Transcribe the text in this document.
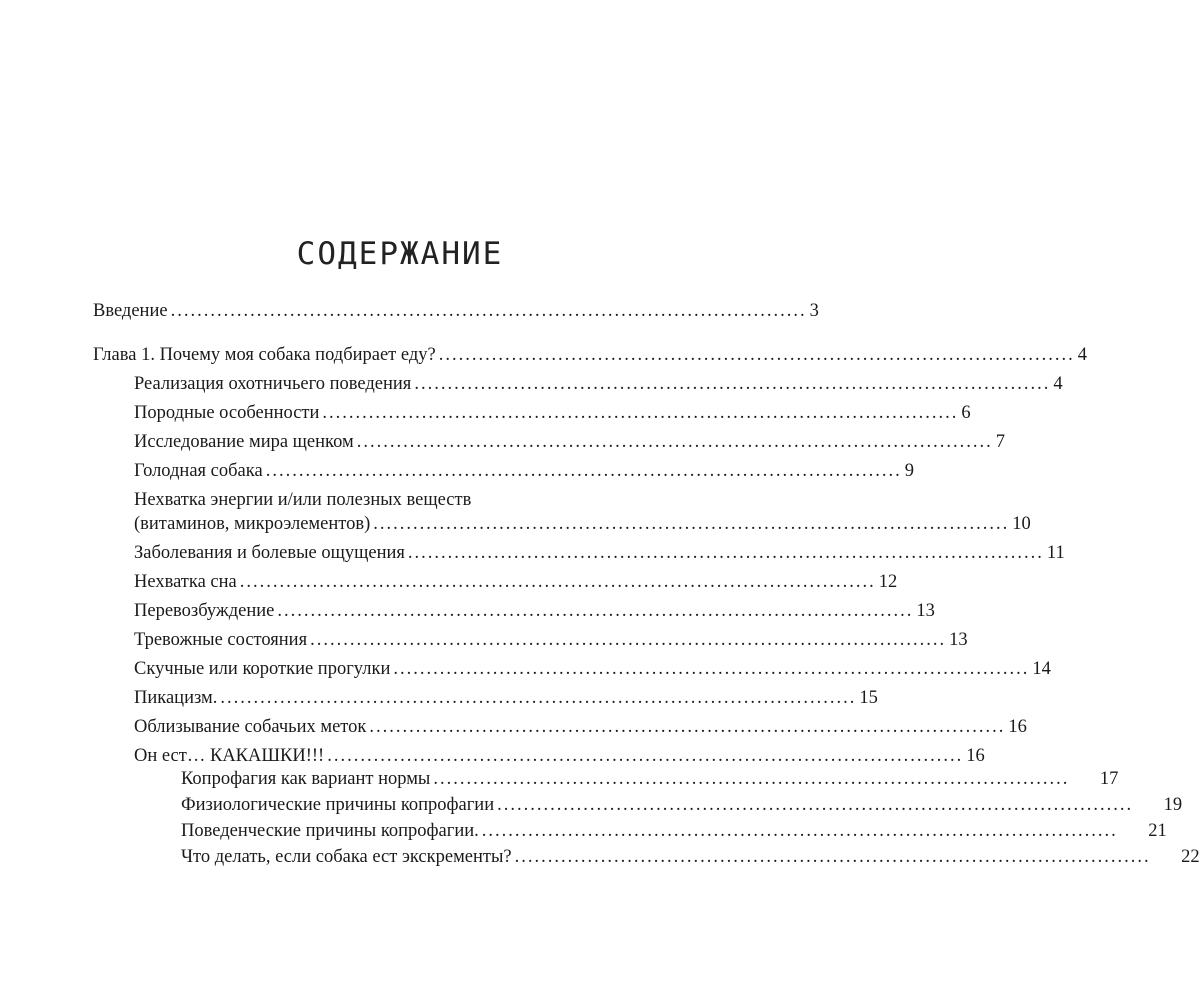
СОДЕРЖАНИЕ
Введение ................................................................................................ 3
Глава 1. Почему моя собака подбирает еду? ................................................................................................ 4
Реализация охотничьего поведения ................................................................................................ 4
Породные особенности ................................................................................................ 6
Исследование мира щенком ................................................................................................ 7
Голодная собака ................................................................................................ 9
Нехватка энергии и/или полезных веществ
(витаминов, микроэлементов) ................................................................................................ 10
Заболевания и болевые ощущения ................................................................................................ 11
Нехватка сна ................................................................................................ 12
Перевозбуждение ................................................................................................ 13
Тревожные состояния ................................................................................................ 13
Скучные или короткие прогулки ................................................................................................ 14
Пикацизм. ................................................................................................ 15
Облизывание собачьих меток ................................................................................................ 16
Он ест… КАКАШКИ!!! ................................................................................................ 16
Копрофагия как вариант нормы ................................................................................................	17
Физиологические причины копрофагии ................................................................................................	19
Поведенческие причины копрофагии. ................................................................................................	21
Что делать, если собака ест экскременты? ................................................................................................	22
